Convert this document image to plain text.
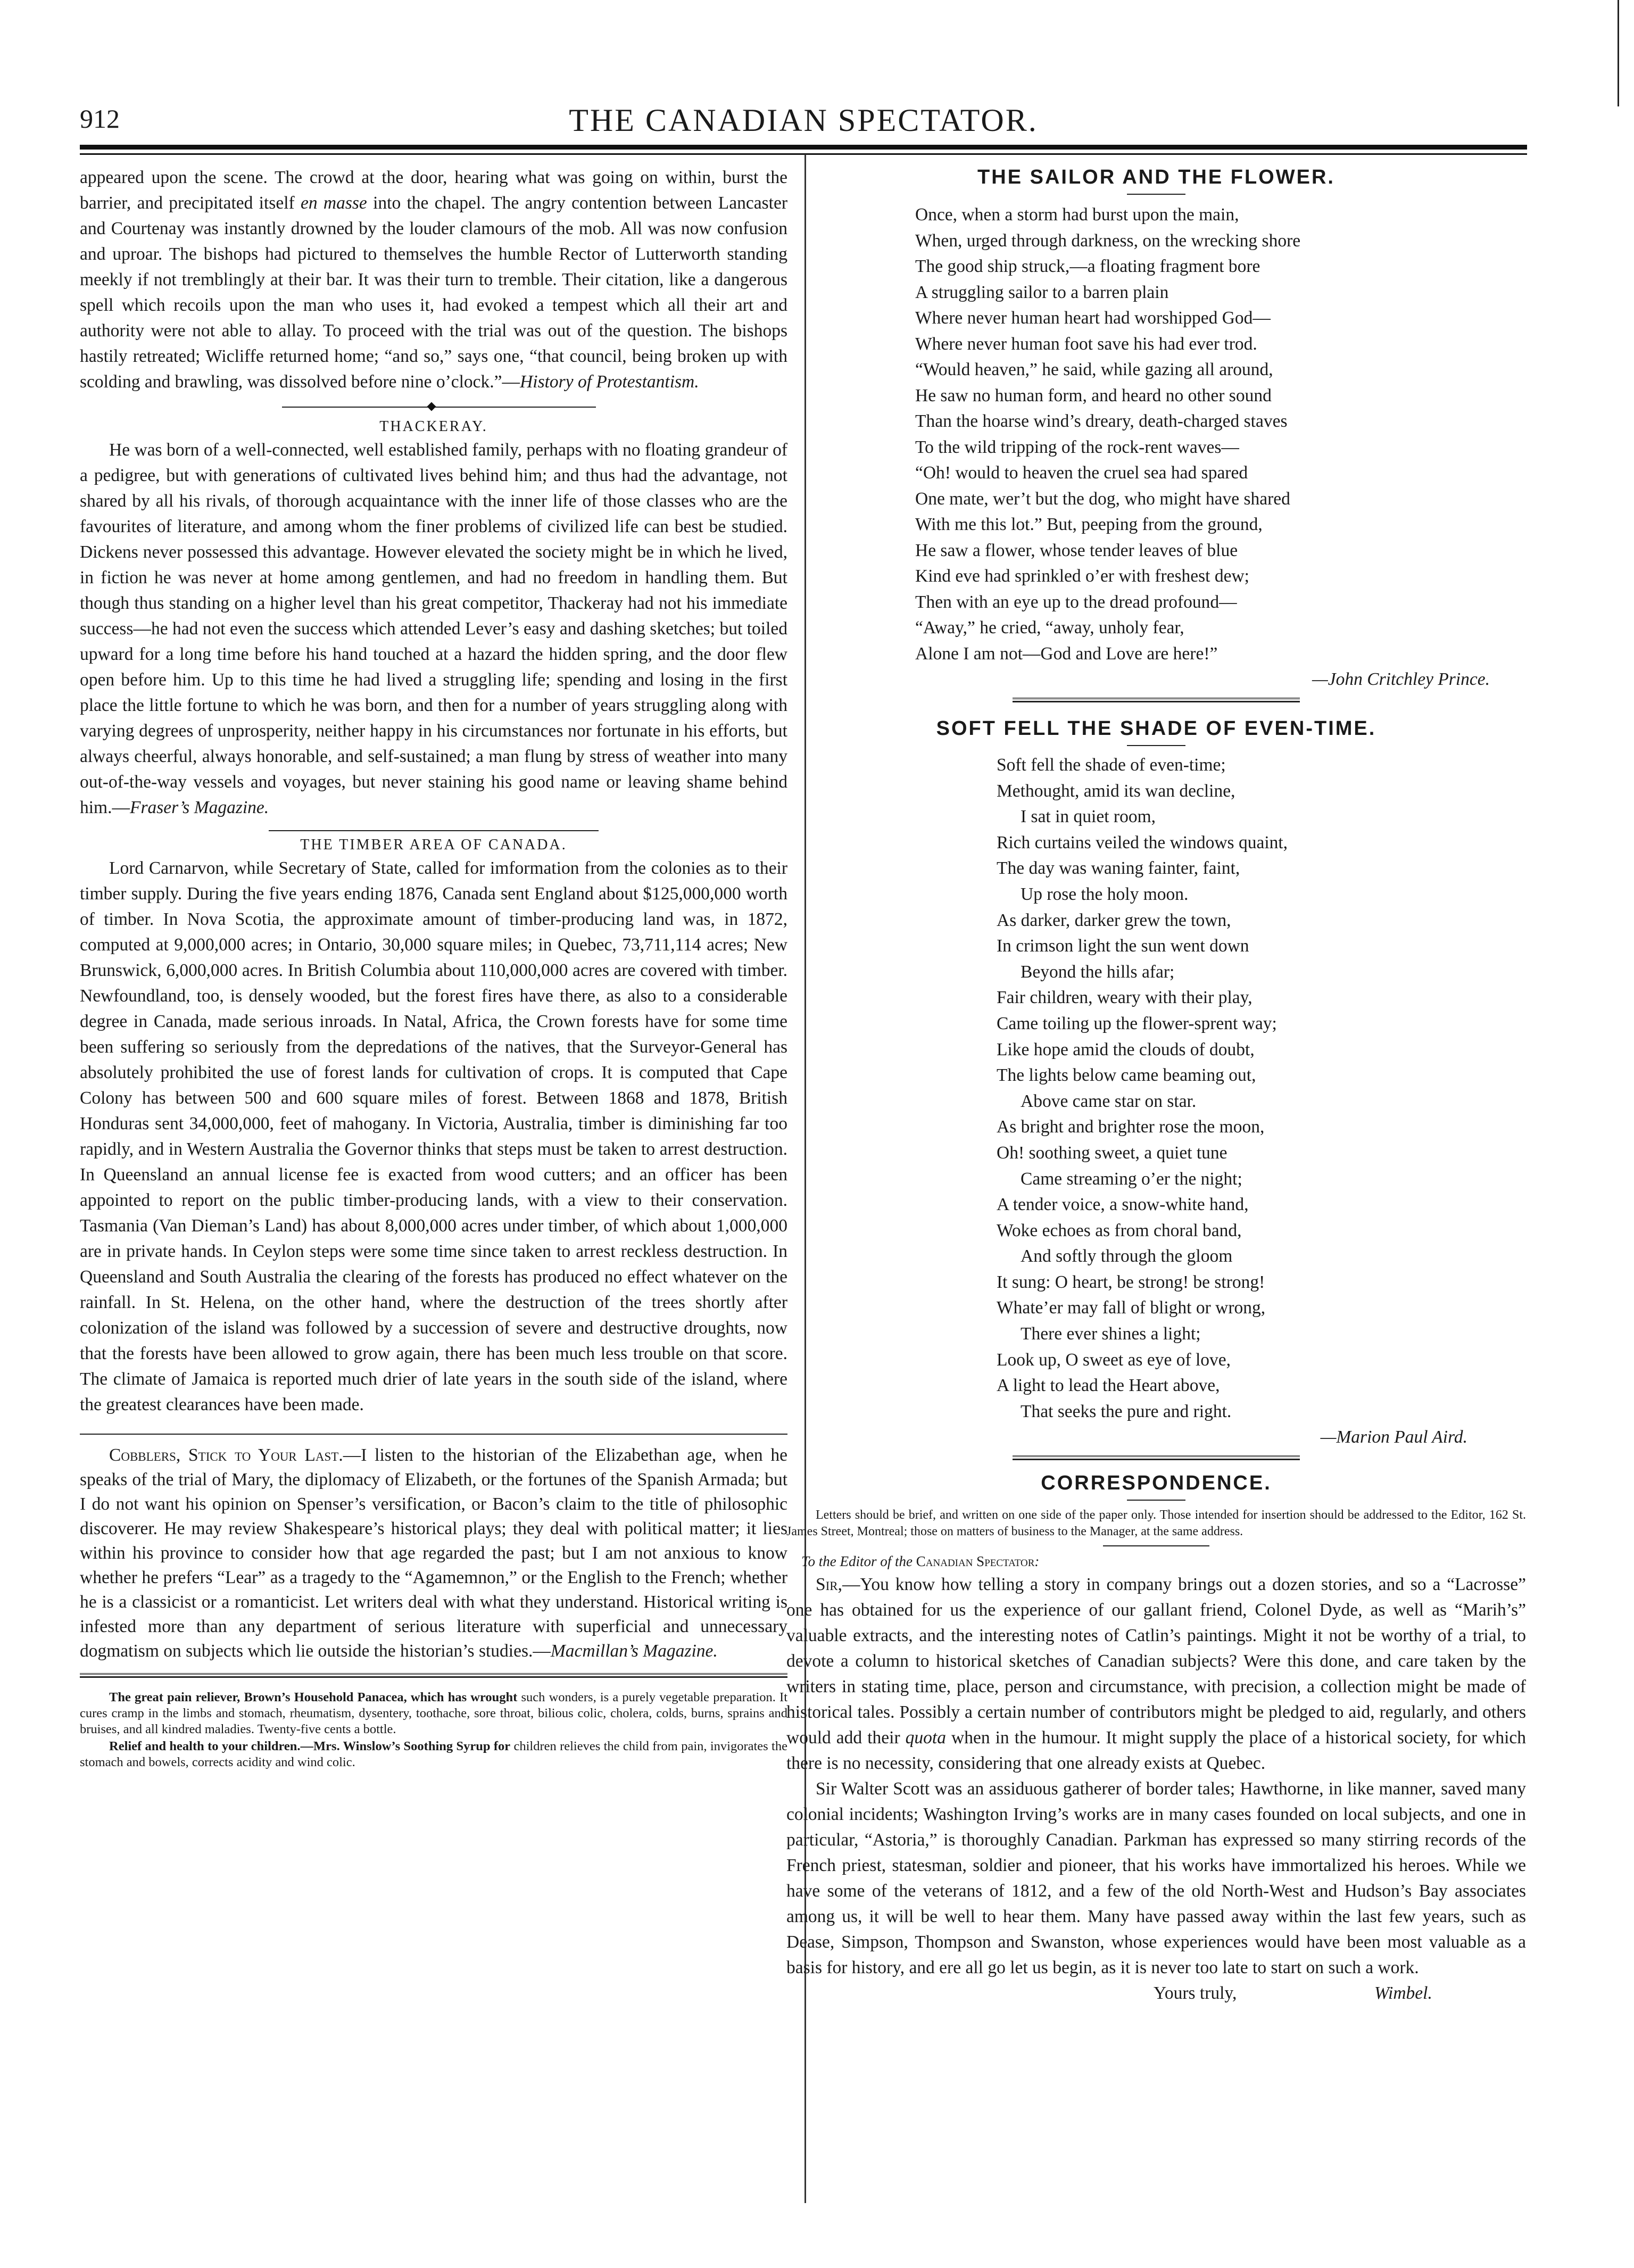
912	THE CANADIAN SPECTATOR.

appeared upon the scene. The crowd at the door, hearing what was going on within, burst the barrier, and precipitated itself en masse into the chapel. The angry contention between Lancaster and Courtenay was instantly drowned by the louder clamours of the mob. All was now confusion and uproar. The bishops had pictured to themselves the humble Rector of Lutterworth standing meekly if not tremblingly at their bar. It was their turn to tremble. Their citation, like a dangerous spell which recoils upon the man who uses it, had evoked a tempest which all their art and authority were not able to allay. To proceed with the trial was out of the question. The bishops hastily retreated; Wicliffe returned home; “and so,” says one, “that council, being broken up with scolding and brawling, was dissolved before nine o’clock.”—History of Protestantism.

THACKERAY.

He was born of a well-connected, well established family, perhaps with no floating grandeur of a pedigree, but with generations of cultivated lives behind him; and thus had the advantage, not shared by all his rivals, of thorough acquaintance with the inner life of those classes who are the favourites of literature, and among whom the finer problems of civilized life can best be studied. Dickens never possessed this advantage. However elevated the society might be in which he lived, in fiction he was never at home among gentlemen, and had no freedom in handling them. But though thus standing on a higher level than his great competitor, Thackeray had not his immediate success—he had not even the success which attended Lever’s easy and dashing sketches; but toiled upward for a long time before his hand touched at a hazard the hidden spring, and the door flew open before him. Up to this time he had lived a struggling life; spending and losing in the first place the little fortune to which he was born, and then for a number of years struggling along with varying degrees of unprosperity, neither happy in his circumstances nor fortunate in his efforts, but always cheerful, always honorable, and self-sustained; a man flung by stress of weather into many out-of-the-way vessels and voyages, but never staining his good name or leaving shame behind him.—Fraser’s Magazine.

THE TIMBER AREA OF CANADA.

Lord Carnarvon, while Secretary of State, called for imformation from the colonies as to their timber supply. During the five years ending 1876, Canada sent England about $125,000,000 worth of timber. In Nova Scotia, the approximate amount of timber-producing land was, in 1872, computed at 9,000,000 acres; in Ontario, 30,000 square miles; in Quebec, 73,711,114 acres; New Brunswick, 6,000,000 acres. In British Columbia about 110,000,000 acres are covered with timber. Newfoundland, too, is densely wooded, but the forest fires have there, as also to a considerable degree in Canada, made serious inroads. In Natal, Africa, the Crown forests have for some time been suffering so seriously from the depredations of the natives, that the Surveyor-General has absolutely prohibited the use of forest lands for cultivation of crops. It is computed that Cape Colony has between 500 and 600 square miles of forest. Between 1868 and 1878, British Honduras sent 34,000,000, feet of mahogany. In Victoria, Australia, timber is diminishing far too rapidly, and in Western Australia the Governor thinks that steps must be taken to arrest destruction. In Queensland an annual license fee is exacted from wood cutters; and an officer has been appointed to report on the public timber-producing lands, with a view to their conservation. Tasmania (Van Dieman’s Land) has about 8,000,000 acres under timber, of which about 1,000,000 are in private hands. In Ceylon steps were some time since taken to arrest reckless destruction. In Queensland and South Australia the clearing of the forests has produced no effect whatever on the rainfall. In St. Helena, on the other hand, where the destruction of the trees shortly after colonization of the island was followed by a succession of severe and destructive droughts, now that the forests have been allowed to grow again, there has been much less trouble on that score. The climate of Jamaica is reported much drier of late years in the south side of the island, where the greatest clearances have been made.

Cobblers, Stick to Your Last.—I listen to the historian of the Elizabethan age, when he speaks of the trial of Mary, the diplomacy of Elizabeth, or the fortunes of the Spanish Armada; but I do not want his opinion on Spenser’s versification, or Bacon’s claim to the title of philosophic discoverer. He may review Shakespeare’s historical plays; they deal with political matter; it lies within his province to consider how that age regarded the past; but I am not anxious to know whether he prefers “Lear” as a tragedy to the “Agamemnon,” or the English to the French; whether he is a classicist or a romanticist. Let writers deal with what they understand. Historical writing is infested more than any department of serious literature with superficial and unnecessary dogmatism on subjects which lie outside the historian’s studies.—Macmillan’s Magazine.

The great pain reliever, Brown’s Household Panacea, which has wrought such wonders, is a purely vegetable preparation. It cures cramp in the limbs and stomach, rheumatism, dysentery, toothache, sore throat, bilious colic, cholera, colds, burns, sprains and bruises, and all kindred maladies. Twenty-five cents a bottle.

Relief and health to your children.—Mrs. Winslow’s Soothing Syrup for children relieves the child from pain, invigorates the stomach and bowels, corrects acidity and wind colic.

THE SAILOR AND THE FLOWER.
Once, when a storm had burst upon the main,
When, urged through darkness, on the wrecking shore
The good ship struck,—a floating fragment bore
A struggling sailor to a barren plain
Where never human heart had worshipped God—
Where never human foot save his had ever trod.
“Would heaven,” he said, while gazing all around,
He saw no human form, and heard no other sound
Than the hoarse wind’s dreary, death-charged staves
To the wild tripping of the rock-rent waves—
“Oh! would to heaven the cruel sea had spared
One mate, wer’t but the dog, who might have shared
With me this lot.” But, peeping from the ground,
He saw a flower, whose tender leaves of blue
Kind eve had sprinkled o’er with freshest dew;
Then with an eye up to the dread profound—
“Away,” he cried, “away, unholy fear,
Alone I am not—God and Love are here!”
—John Critchley Prince.
SOFT FELL THE SHADE OF EVEN-TIME.
Soft fell the shade of even-time;
Methought, amid its wan decline,
I sat in quiet room,
Rich curtains veiled the windows quaint,
The day was waning fainter, faint,
Up rose the holy moon.
As darker, darker grew the town,
In crimson light the sun went down
Beyond the hills afar;
Fair children, weary with their play,
Came toiling up the flower-sprent way;
Like hope amid the clouds of doubt,
The lights below came beaming out,
Above came star on star.
As bright and brighter rose the moon,
Oh! soothing sweet, a quiet tune
Came streaming o’er the night;
A tender voice, a snow-white hand,
Woke echoes as from choral band,
And softly through the gloom
It sung: O heart, be strong! be strong!
Whate’er may fall of blight or wrong,
There ever shines a light;
Look up, O sweet as eye of love,
A light to lead the Heart above,
That seeks the pure and right.
—Marion Paul Aird.
CORRESPONDENCE.

Letters should be brief, and written on one side of the paper only. Those intended for insertion should be addressed to the Editor, 162 St. James Street, Montreal; those on matters of business to the Manager, at the same address.

To the Editor of the Canadian Spectator:

Sir,—You know how telling a story in company brings out a dozen stories, and so a “Lacrosse” one has obtained for us the experience of our gallant friend, Colonel Dyde, as well as “Marih’s” valuable extracts, and the interesting notes of Catlin’s paintings. Might it not be worthy of a trial, to devote a column to historical sketches of Canadian subjects? Were this done, and care taken by the writers in stating time, place, person and circumstance, with precision, a collection might be made of historical tales. Possibly a certain number of contributors might be pledged to aid, regularly, and others would add their quota when in the humour. It might supply the place of a historical society, for which there is no necessity, considering that one already exists at Quebec.

Sir Walter Scott was an assiduous gatherer of border tales; Hawthorne, in like manner, saved many colonial incidents; Washington Irving’s works are in many cases founded on local subjects, and one in particular, “Astoria,” is thoroughly Canadian. Parkman has expressed so many stirring records of the French priest, statesman, soldier and pioneer, that his works have immortalized his heroes. While we have some of the veterans of 1812, and a few of the old North-West and Hudson’s Bay associates among us, it will be well to hear them. Many have passed away within the last few years, such as Dease, Simpson, Thompson and Swanston, whose experiences would have been most valuable as a basis for history, and ere all go let us begin, as it is never too late to start on such a work.

Yours truly,	Wimbel.
